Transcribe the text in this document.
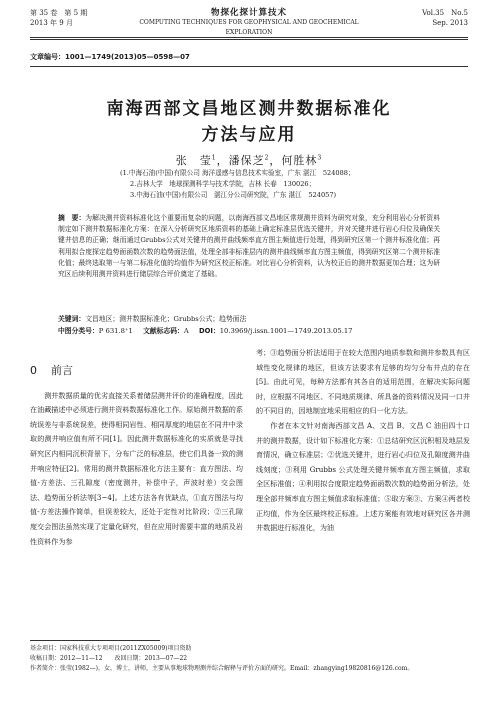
第 35 卷　第 5 期
2013 年 9 月
物探化探计算技术
COMPUTING TECHNIQUES FOR GEOPHYSICAL AND GEOCHEMICAL EXPLORATION
Vol.35　No.5
Sep. 2013
文章编号：1001—1749(2013)05—0598—07
南海西部文昌地区测井数据标准化
方法与应用
张　莹$^1$，潘保芝$^2$，何胜林$^3$
(1.中海石油(中国)有限公司 海洋遥感与信息技术实验室，广东 湛江　524088；
2.吉林大学　地球探测科学与技术学院，吉林 长春　130026；
3.中海石油(中国)有限公司　湛江分公司研究院，广东 湛江　524057)
摘　要：为解决测井资料标准化这个重要而复杂的问题，以南海西部文昌地区常规测井资料为研究对象，充分利用岩心分析资料制定如下测井数据标准化方案：在深入分析研究区地质资料的基础上确定标准层优选关键井，并对关键井进行岩心归位及确保关键井信息的正确；继而通过Grubbs公式对关键井的测井曲线频率直方图主频值进行处理，得到研究区第一个测井标准化值；再利用拟合度探定趋势面函数次数的趋势面法值，处理全部非标准层内的测井曲线频率直方图主频值，得到研究区第二个测井标准化值；最终选取第一与第二标准化值的均值作为研究区校正标准。对比岩心分析资料，认为校正后的测井数据更加合理；这为研究区后续利用测井资料进行储层综合评价奠定了基础。
关键词：文昌地区；测井数据标准化；Grubbs公式；趋势面法
中图分类号：P 631.8⁺1 文献标志码：A DOI：10.3969/j.issn.1001—1749.2013.05.17
0 前言

测井数据质量的优劣直接关系着储层测井评价的准确程度，因此在油藏描述中必须进行测井资料数据标准化工作。原始测井数据的系统误差与非系统误差，使得相同岩性、相同厚度的地层在不同井中录取的测井响应值有所不同[1]。因此测井数据标准化的实质就是寻找研究区内相同沉积背景下，分布广泛的标准层，使它们具备一致的测井响应特征[2]。常用的测井数据标准化方法主要有：直方图法、均值-方差法、三孔隙度（密度测井，补偿中子，声波时差）交会图法、趋势面分析法等[3~4]。上述方法各有优缺点，①直方图法与均值-方差法操作简单，但误差较大，还处于定性对比阶段；②三孔隙度交会图法虽然实现了定量化研究，但在应用时需要丰富的地质及岩性资料作为参

考；③趋势面分析法适用于在较大范围内地质参数和测井参数具有区域性变化规律的地区，但该方法要求有足够的均匀分布井点的存在[5]。由此可见，每种方法都有其各自的适用范围，在解决实际问题时，应根据不同地区、不同地质规律、所具备的资料情况及同一口井的不同目的，因地制宜地采用相应的归一化方法。

作者在本文针对南海西部文昌 A、文昌 B、文昌 C 油田四十口井的测井数据，设计如下标准化方案：①总结研究区沉积相及地层发育情况，确立标准层；②优选关键井，进行岩心归位及孔隙度测井曲线刻度；③利用 Grubbs 公式处理关键井频率直方图主频值，求取全区标准值；④利用拟合度限定趋势面函数次数的趋势面分析法，处理全部井频率直方图主频值求取标准值；⑤取方案③、方案④两者校正均值，作为全区最终校正标准。上述方案能有效地对研究区各井测井数据进行标准化，为油

基金项目：国家科技重大专项项目(2011ZX05009)项目资助
收稿日期：2012—11—12　　改回日期：2013—07—22
作者简介：张莹(1982—)，女，博士，讲师，主要从事地球物理测井综合解释与评价方面的研究。Email：zhangying19820816@126.com。
